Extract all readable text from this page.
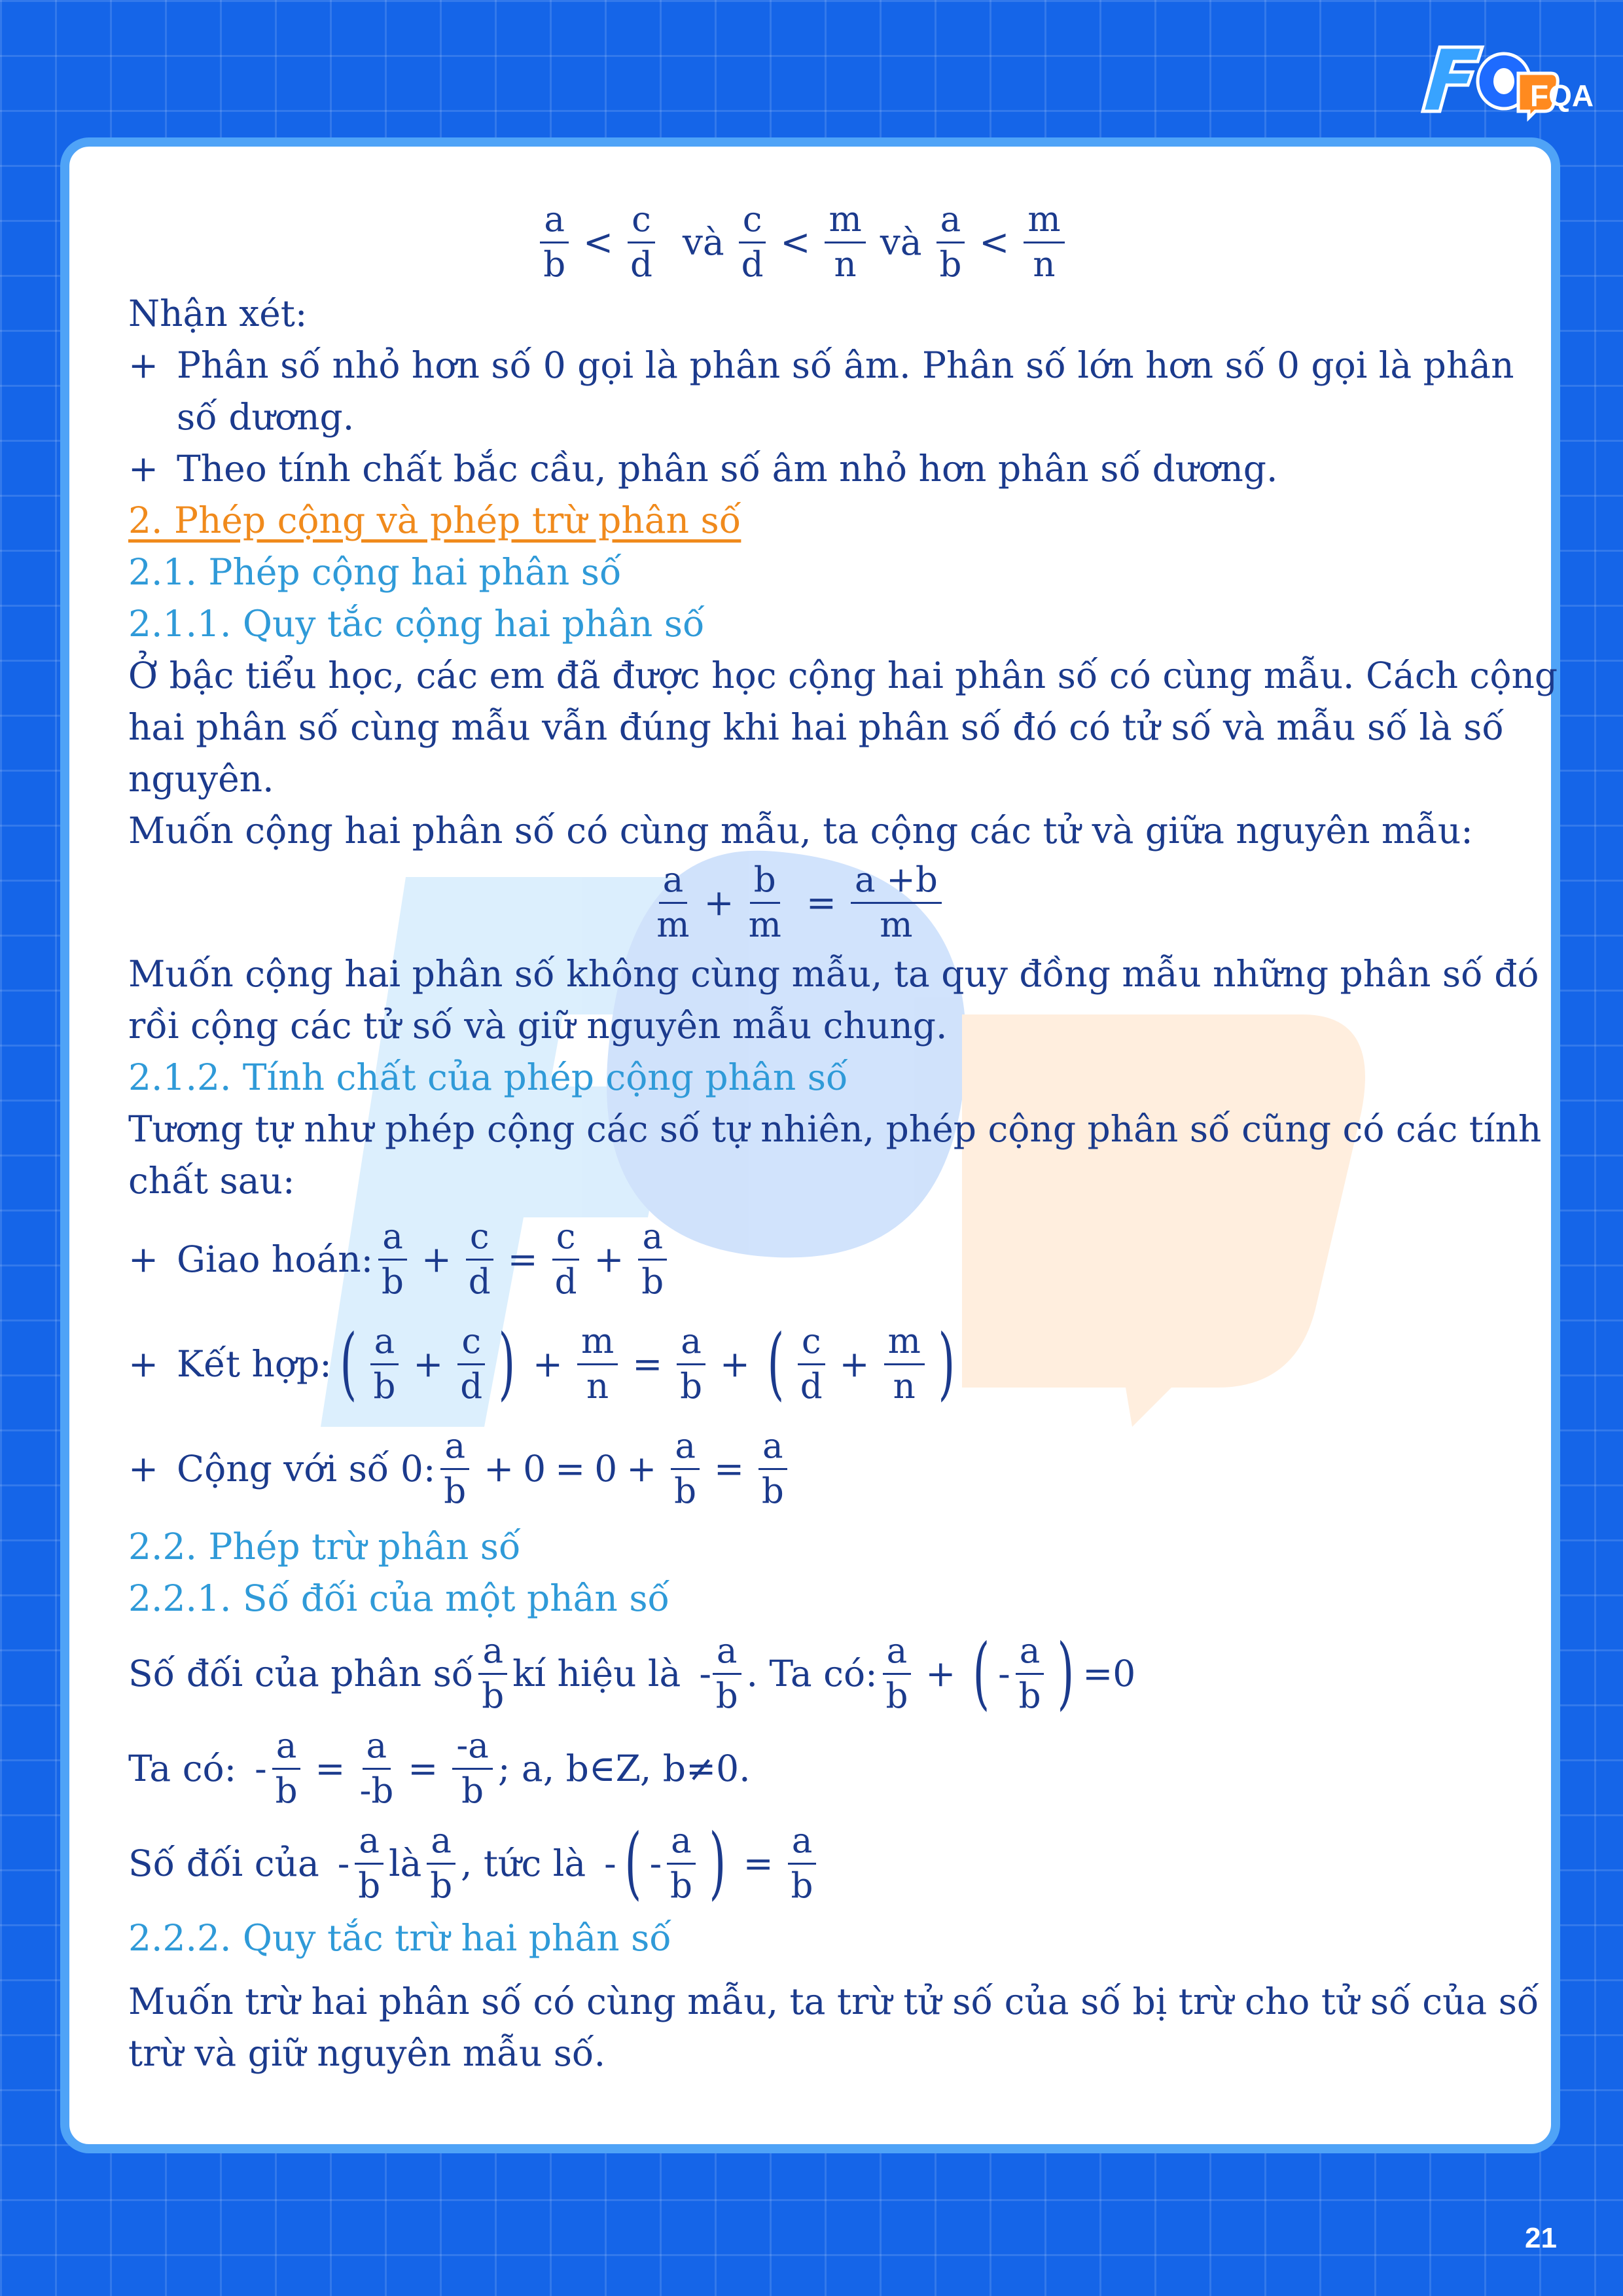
FQA
$\frac{a}{b} < \frac{c}{d}$ và $\frac{c}{d} < \frac{m}{n}$ và $\frac{a}{b} < \frac{m}{n}$
Nhận xét:
+ Phân số nhỏ hơn số 0 gọi là phân số âm. Phân số lớn hơn số 0 gọi là phân
số dương.
+ Theo tính chất bắc cầu, phân số âm nhỏ hơn phân số dương.
2. Phép cộng và phép trừ phân số
2.1. Phép cộng hai phân số
2.1.1. Quy tắc cộng hai phân số
Ở bậc tiểu học, các em đã được học cộng hai phân số có cùng mẫu. Cách cộng
hai phân số cùng mẫu vẫn đúng khi hai phân số đó có tử số và mẫu số là số
nguyên.
Muốn cộng hai phân số có cùng mẫu, ta cộng các tử và giữa nguyên mẫu:
$\frac{a}{m} + \frac{b}{m} = \frac{a +b}{m}$
Muốn cộng hai phân số không cùng mẫu, ta quy đồng mẫu những phân số đó
rồi cộng các tử số và giữ nguyên mẫu chung.
2.1.2. Tính chất của phép cộng phân số
Tương tự như phép cộng các số tự nhiên, phép cộng phân số cũng có các tính
chất sau:
+ Giao hoán: $\frac{a}{b} + \frac{c}{d} = \frac{c}{d} + \frac{a}{b}$
+ Kết hợp: ( $\frac{a}{b} + \frac{c}{d}$ ) + $\frac{m}{n} = \frac{a}{b}$ + ( $\frac{c}{d} + \frac{m}{n}$ )
+ Cộng với số 0: $\frac{a}{b} + 0 = 0 + \frac{a}{b} = \frac{a}{b}$
2.2. Phép trừ phân số
2.2.1. Số đối của một phân số
Số đối của phân số $\frac{a}{b}$ kí hiệu là - $\frac{a}{b}$ . Ta có: $\frac{a}{b}$ + ( - $\frac{a}{b}$ ) =0
Ta có: - $\frac{a}{b} = \frac{a}{-b} = \frac{-a}{b}$ ; a, b∈Z, b≠0.
Số đối của - $\frac{a}{b}$ là $\frac{a}{b}$ , tức là - ( - $\frac{a}{b}$ ) = $\frac{a}{b}$
2.2.2. Quy tắc trừ hai phân số
Muốn trừ hai phân số có cùng mẫu, ta trừ tử số của số bị trừ cho tử số của số
trừ và giữ nguyên mẫu số.
21
